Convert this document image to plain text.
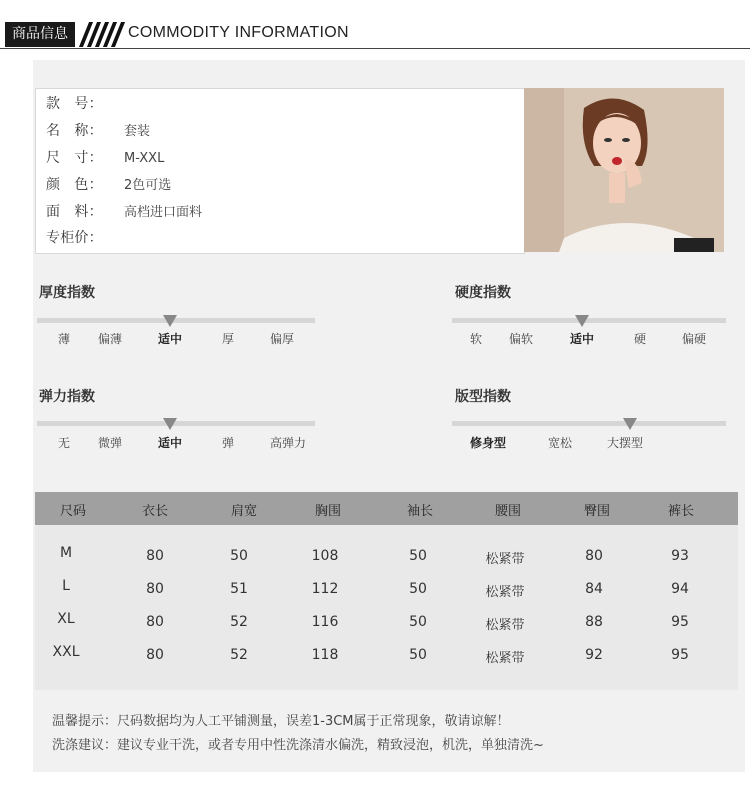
商品信息	COMMODITY INFORMATION
款　号：
名　称： 套装
尺　寸： M-XXL
颜　色： 2色可选
面　料： 高档进口面料
专柜价：
厚度指数
薄 偏薄	适中	厚	偏厚
硬度指数
软 偏软	适中	硬	偏硬
弹力指数
无 微弹	适中	弹	高弹力
版型指数
修身型	宽松	大摆型
尺码	衣长	肩宽	胸围	袖长	腰围	臀围	裤长
M	80	50	108	50	松紧带	80	93
L	80	51	112	50	松紧带	84	94
XL	80	52	116	50	松紧带	88	95
XXL	80	52	118	50	松紧带	92	95
温馨提示：尺码数据均为人工平铺测量，误差1-3CM属于正常现象，敬请谅解！
洗涤建议：建议专业干洗，或者专用中性洗涤清水偏洗，精致浸泡，机洗，单独清洗~
